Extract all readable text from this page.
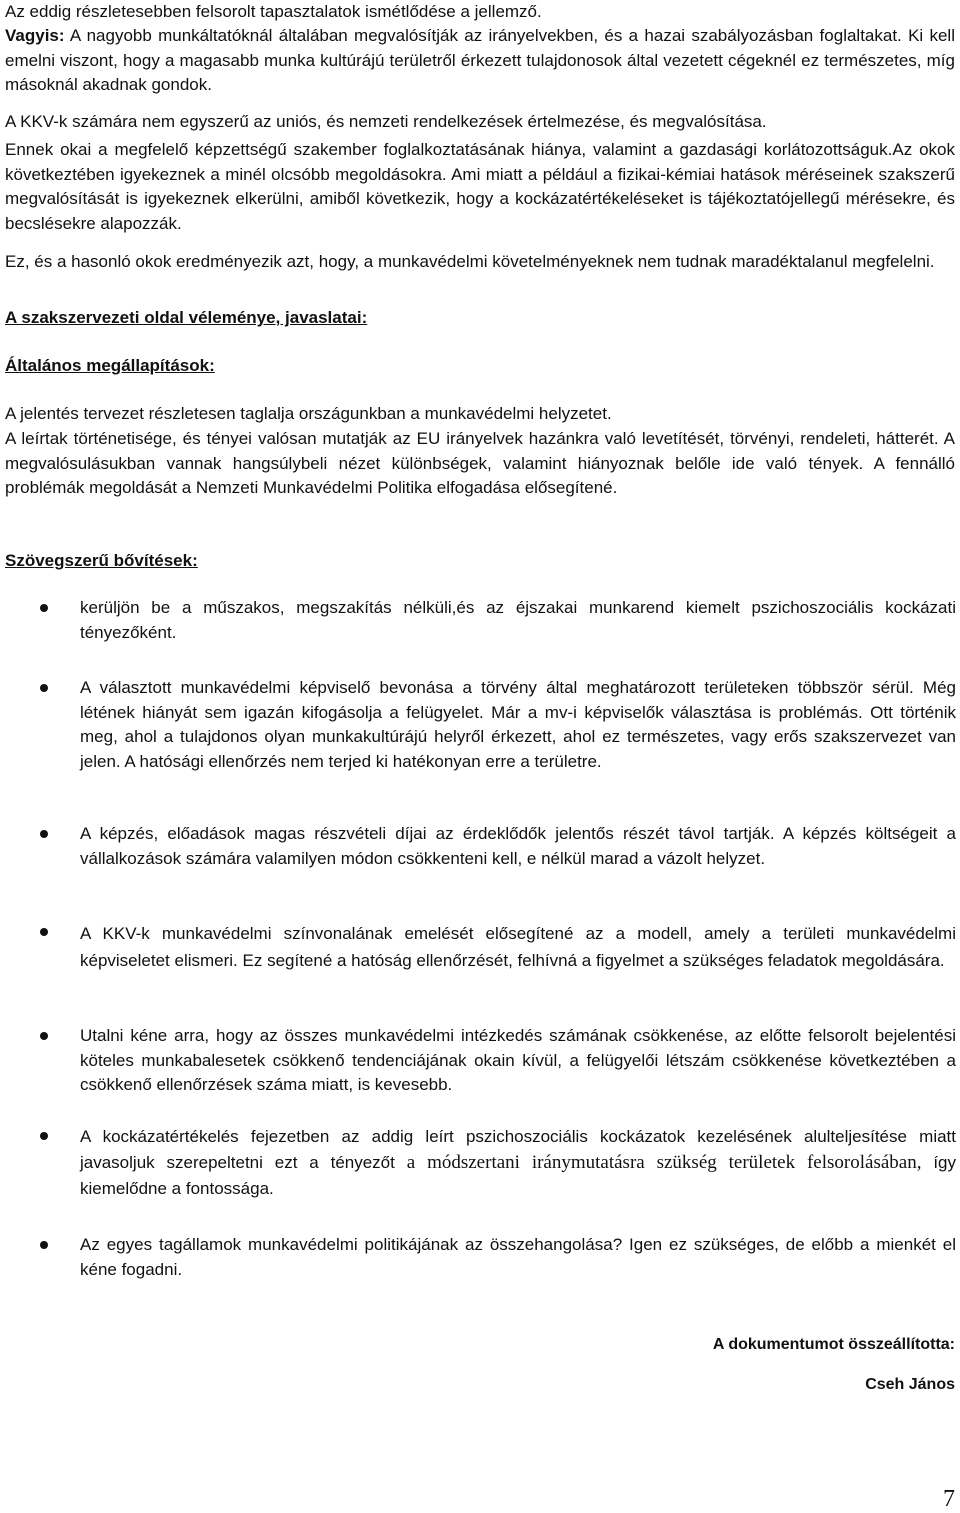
Az eddig részletesebben felsorolt tapasztalatok ismétlődése a jellemző.

Vagyis: A nagyobb munkáltatóknál általában megvalósítják az irányelvekben, és a hazai szabályozásban foglaltakat. Ki kell emelni viszont, hogy a magasabb munka kultúrájú területről érkezett tulajdonosok által vezetett cégeknél ez természetes, míg másoknál akadnak gondok.

A KKV-k számára nem egyszerű az uniós, és nemzeti rendelkezések értelmezése, és megvalósítása.

Ennek okai a megfelelő képzettségű szakember foglalkoztatásának hiánya, valamint a gazdasági korlátozottságuk.Az okok következtében igyekeznek a minél olcsóbb megoldásokra. Ami miatt a például a fizikai-kémiai hatások méréseinek szakszerű megvalósítását is igyekeznek elkerülni, amiből következik, hogy a kockázatértékeléseket is tájékoztatójellegű mérésekre, és becslésekre alapozzák.

Ez, és a hasonló okok eredményezik azt, hogy, a munkavédelmi követelményeknek nem tudnak maradéktalanul megfelelni.

A szakszervezeti oldal véleménye, javaslatai:

Általános megállapítások:

A jelentés tervezet részletesen taglalja országunkban a munkavédelmi helyzetet.

A leírtak történetisége, és tényei valósan mutatják az EU irányelvek hazánkra való levetítését, törvényi, rendeleti, hátterét. A megvalósulásukban vannak hangsúlybeli nézet különbségek, valamint hiányoznak belőle ide való tények. A fennálló problémák megoldását a Nemzeti Munkavédelmi Politika elfogadása elősegítené.

Szövegszerű bővítések:

kerüljön be a műszakos, megszakítás nélküli,és az éjszakai munkarend kiemelt pszichoszociális kockázati tényezőként.
A választott munkavédelmi képviselő bevonása a törvény által meghatározott területeken többször sérül. Még létének hiányát sem igazán kifogásolja a felügyelet. Már a mv-i képviselők választása is problémás. Ott történik meg, ahol a tulajdonos olyan munkakultúrájú helyről érkezett, ahol ez természetes, vagy erős szakszervezet van jelen. A hatósági ellenőrzés nem terjed ki hatékonyan erre a területre.
A képzés, előadások magas részvételi díjai az érdeklődők jelentős részét távol tartják. A képzés költségeit a vállalkozások számára valamilyen módon csökkenteni kell, e nélkül marad a vázolt helyzet.
A KKV-k munkavédelmi színvonalának emelését elősegítené az a modell, amely a területi munkavédelmi képviseletet elismeri. Ez segítené a hatóság ellenőrzését, felhívná a figyelmet a szükséges feladatok megoldására.
Utalni kéne arra, hogy az összes munkavédelmi intézkedés számának csökkenése, az előtte felsorolt bejelentési köteles munkabalesetek csökkenő tendenciájának okain kívül, a felügyelői létszám csökkenése következtében a csökkenő ellenőrzések száma miatt, is kevesebb.
A kockázatértékelés fejezetben az addig leírt pszichoszociális kockázatok kezelésének alulteljesítése miatt javasoljuk szerepeltetni ezt a tényezőt a módszertani iránymutatásra szükség területek felsorolásában, így kiemelődne a fontossága.
Az egyes tagállamok munkavédelmi politikájának az összehangolása? Igen ez szükséges, de előbb a mienkét el kéne fogadni.
A dokumentumot összeállította:
Cseh János
7
